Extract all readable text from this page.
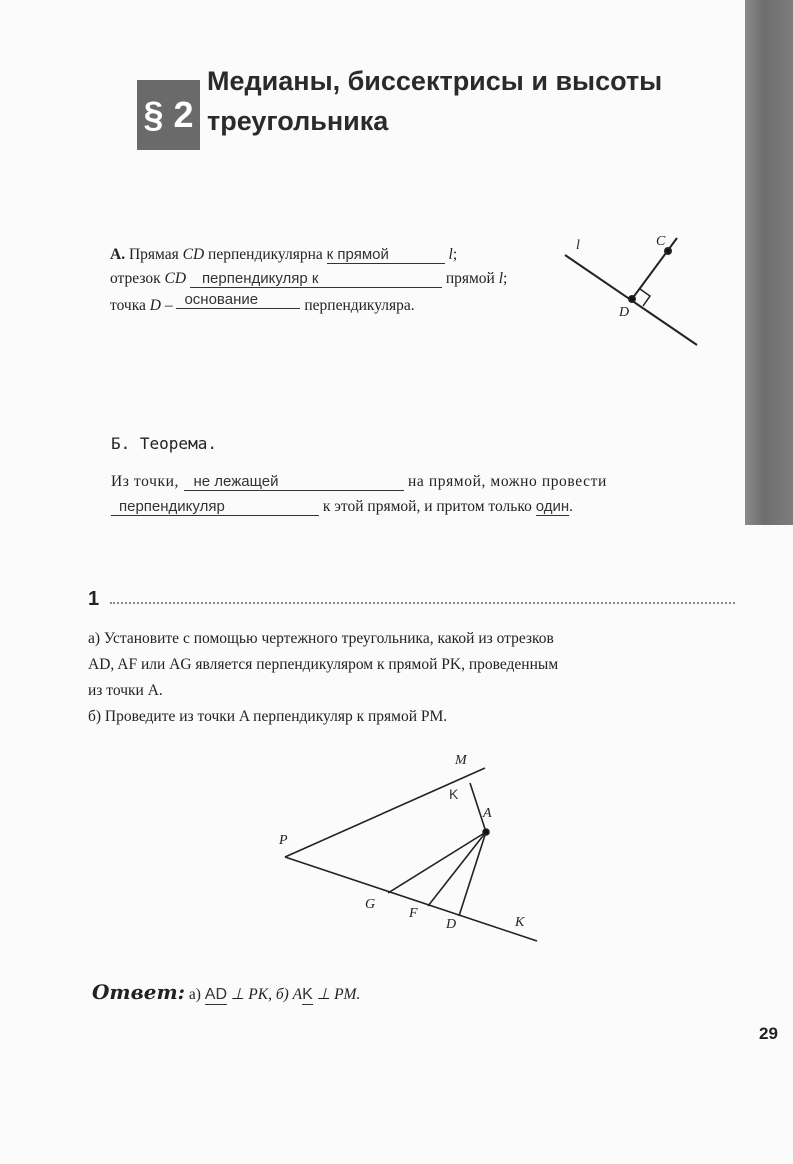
§ 2
Медианы, биссектрисы и высоты
треугольника
А. Прямая CD перпендикулярна к прямой	l;
отрезок CD перпендикуляр к	прямой l;
точка D – основание	перпендикуляра.
l	C
D
Б. Теорема.
Из точки, не лежащей	на прямой, можно провести
перпендикуляр	к этой прямой, и притом только один.
1
а) Установите с помощью чертежного треугольника, какой из отрезков
AD, AF или AG является перпендикуляром к прямой PK, проведенным
из точки A.
б) Проведите из точки A перпендикуляр к прямой PM.
M
K
A
P
G
F
D	K
Ответ: а) AD ⊥ PK, б) AK ⊥ PM.
29
